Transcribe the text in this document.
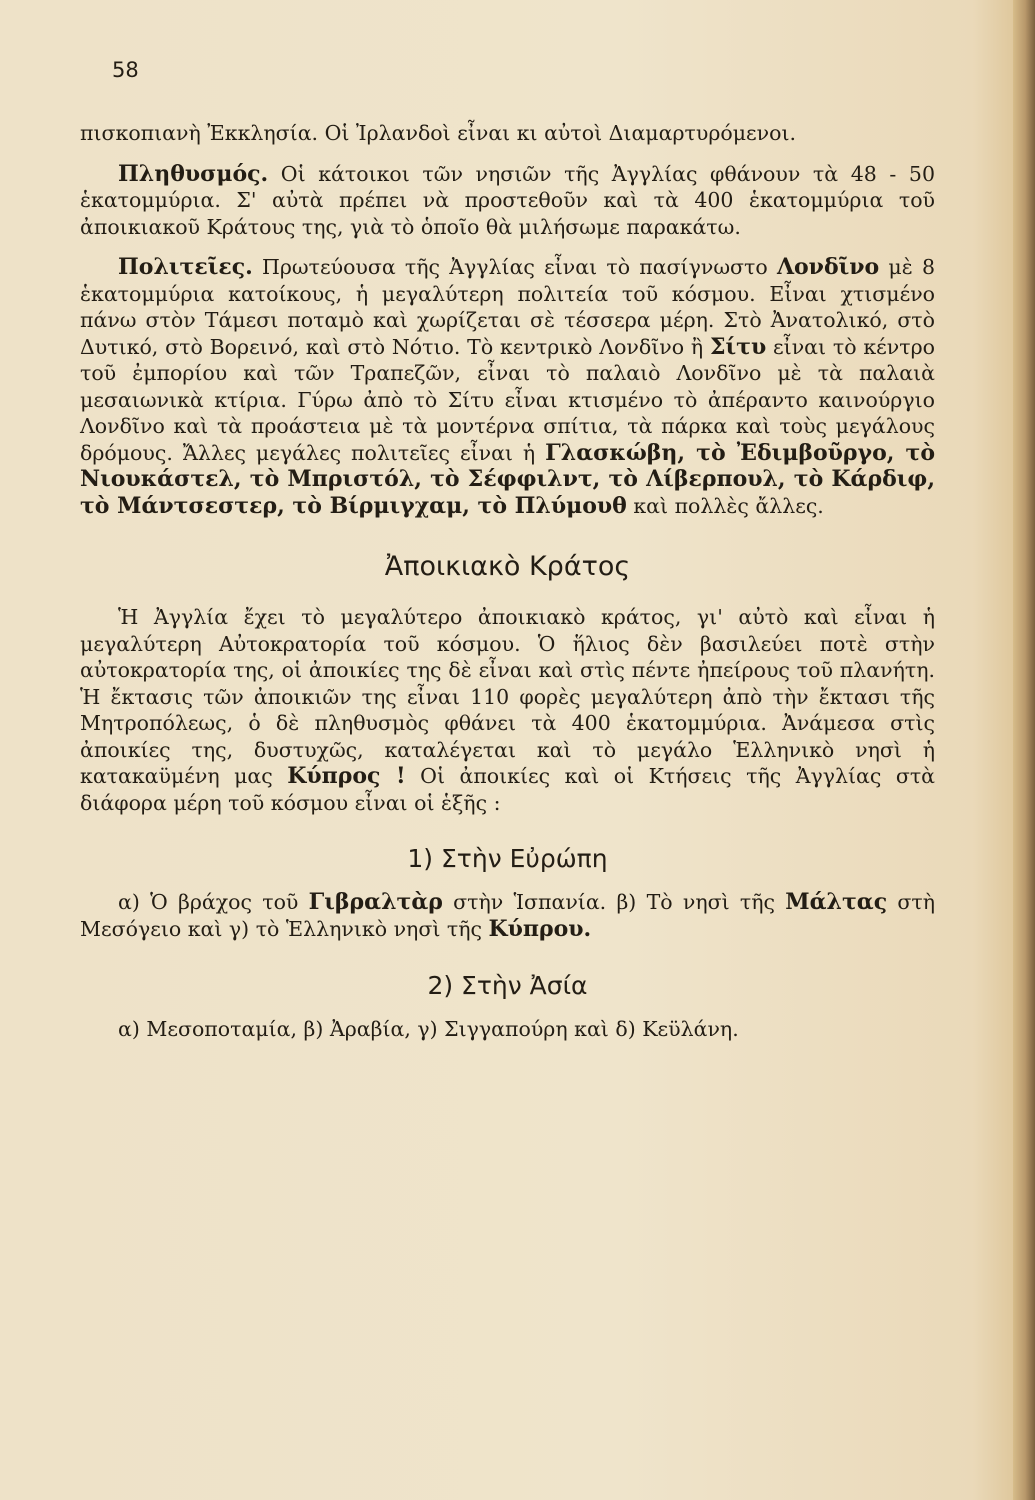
58

πισκοπιανὴ Ἐκκλησία. Οἱ Ἰρλανδοὶ εἶναι κι αὐτοὶ Διαμαρτυρόμενοι.

Πληθυσμός. Οἱ κάτοικοι τῶν νησιῶν τῆς Ἀγγλίας φθάνουν τὰ 48 - 50 ἑκατομμύρια. Σ' αὐτὰ πρέπει νὰ προστεθοῦν καὶ τὰ 400 ἑκατομμύρια τοῦ ἀποικιακοῦ Κράτους της, γιὰ τὸ ὁποῖο θὰ μιλήσωμε παρακάτω.

Πολιτεῖες. Πρωτεύουσα τῆς Ἀγγλίας εἶναι τὸ πασίγνωστο Λονδῖνο μὲ 8 ἑκατομμύρια κατοίκους, ἡ μεγαλύτερη πολιτεία τοῦ κόσμου. Εἶναι χτισμένο πάνω στὸν Τάμεσι ποταμὸ καὶ χωρίζεται σὲ τέσσερα μέρη. Στὸ Ἀνατολικό, στὸ Δυτικό, στὸ Βορεινό, καὶ στὸ Νότιο. Τὸ κεντρικὸ Λονδῖνο ἢ Σίτυ εἶναι τὸ κέντρο τοῦ ἐμπορίου καὶ τῶν Τραπεζῶν, εἶναι τὸ παλαιὸ Λονδῖνο μὲ τὰ παλαιὰ μεσαιωνικὰ κτίρια. Γύρω ἀπὸ τὸ Σίτυ εἶναι κτισμένο τὸ ἀπέραντο καινούργιο Λονδῖνο καὶ τὰ προάστεια μὲ τὰ μοντέρνα σπίτια, τὰ πάρκα καὶ τοὺς μεγάλους δρόμους. Ἄλλες μεγάλες πολιτεῖες εἶναι ἡ Γλασκώβη, τὸ Ἐδιμβοῦργο, τὸ Νιουκάστελ, τὸ Μπριστόλ, τὸ Σέφφιλντ, τὸ Λίβερπουλ, τὸ Κάρδιφ, τὸ Μάντσεστερ, τὸ Βίρμιγχαμ, τὸ Πλύμουθ καὶ πολλὲς ἄλλες.

Ἀποικιακὸ Κράτος

Ἡ Ἀγγλία ἔχει τὸ μεγαλύτερο ἀποικιακὸ κράτος, γι' αὐτὸ καὶ εἶναι ἡ μεγαλύτερη Αὐτοκρατορία τοῦ κόσμου. Ὁ ἥλιος δὲν βασιλεύει ποτὲ στὴν αὐτοκρατορία της, οἱ ἀποικίες της δὲ εἶναι καὶ στὶς πέντε ἠπείρους τοῦ πλανήτη. Ἡ ἔκτασις τῶν ἀποικιῶν της εἶναι 110 φορὲς μεγαλύτερη ἀπὸ τὴν ἔκτασι τῆς Μητροπόλεως, ὁ δὲ πληθυσμὸς φθάνει τὰ 400 ἑκατομμύρια. Ἀνάμεσα στὶς ἀποικίες της, δυστυχῶς, καταλέγεται καὶ τὸ μεγάλο Ἑλληνικὸ νησὶ ἡ κατακαϋμένη μας Κύπρος ! Οἱ ἀποικίες καὶ οἱ Κτήσεις τῆς Ἀγγλίας στὰ διάφορα μέρη τοῦ κόσμου εἶναι οἱ ἑξῆς :

1) Στὴν Εὐρώπη

α) Ὁ βράχος τοῦ Γιβραλτὰρ στὴν Ἱσπανία. β) Τὸ νησὶ τῆς Μάλτας στὴ Μεσόγειο καὶ γ) τὸ Ἑλληνικὸ νησὶ τῆς Κύπρου.

2) Στὴν Ἀσία

α) Μεσοποταμία, β) Ἀραβία, γ) Σιγγαπούρη καὶ δ) Κεϋλάνη.
